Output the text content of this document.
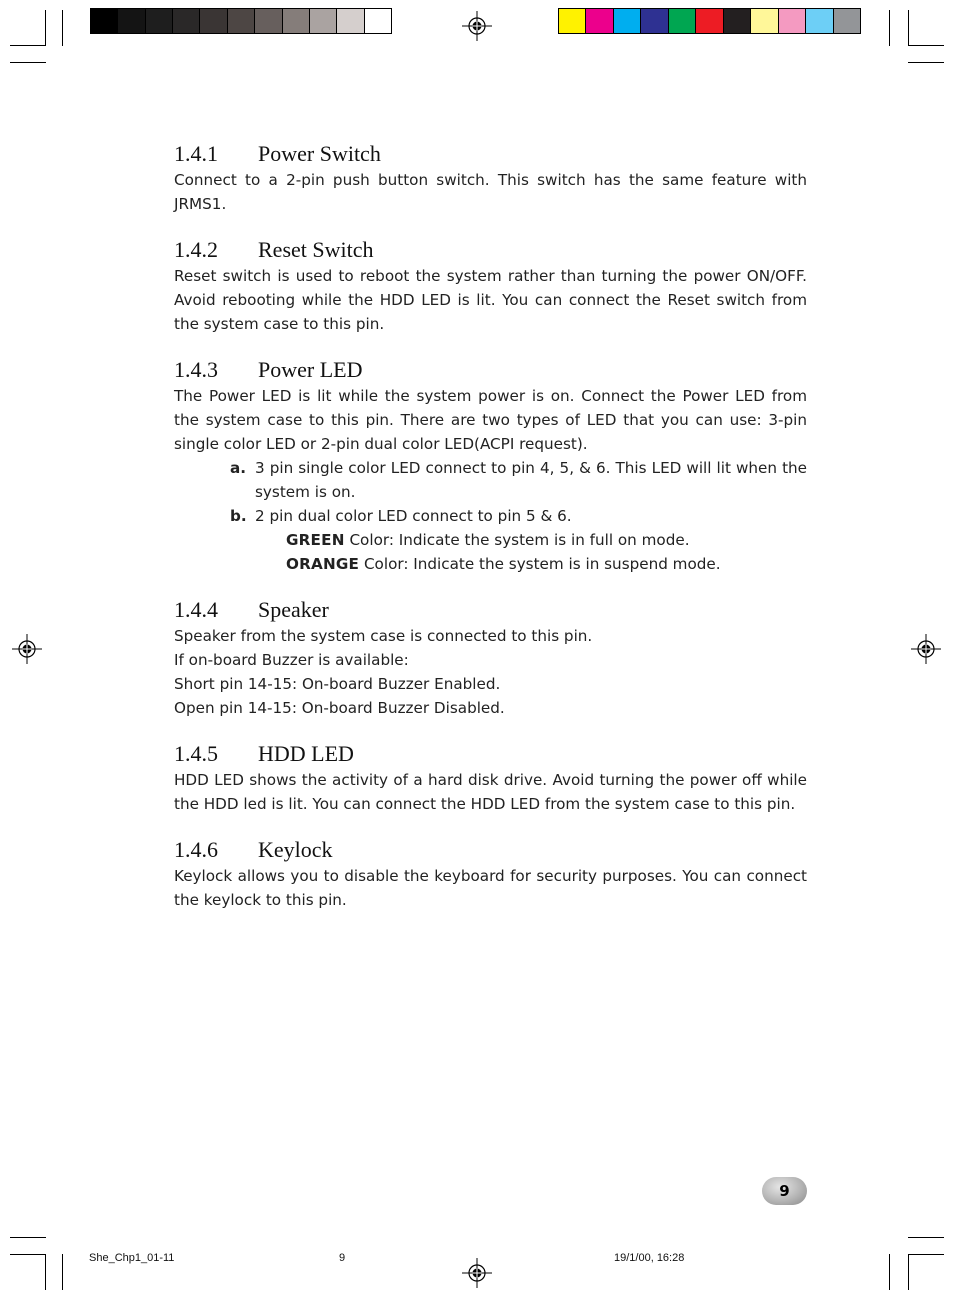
1.4.1 Power Switch

Connect to a 2-pin push button switch. This switch has the same feature with JRMS1.

1.4.2 Reset Switch

Reset switch is used to reboot the system rather than turning the power ON/OFF. Avoid rebooting while the HDD LED is lit. You can connect the Reset switch from the system case to this pin.

1.4.3 Power LED

The Power LED is lit while the system power is on. Connect the Power LED from the system case to this pin. There are two types of LED that you can use: 3-pin single color LED or 2-pin dual color LED(ACPI request).

a. 3 pin single color LED connect to pin 4, 5, & 6. This LED will lit when the system is on.
b. 2 pin dual color LED connect to pin 5 & 6.
GREEN Color: Indicate the system is in full on mode.
ORANGE Color: Indicate the system is in suspend mode.
1.4.4 Speaker

Speaker from the system case is connected to this pin.

If on-board Buzzer is available:

Short pin 14-15: On-board Buzzer Enabled.

Open pin 14-15: On-board Buzzer Disabled.

1.4.5 HDD LED

HDD LED shows the activity of a hard disk drive. Avoid turning the power off while the HDD led is lit. You can connect the HDD LED from the system case to this pin.

1.4.6 Keylock

Keylock allows you to disable the keyboard for security purposes. You can connect the keylock to this pin.

9
She_Chp1_01-11	9	19/1/00, 16:28
